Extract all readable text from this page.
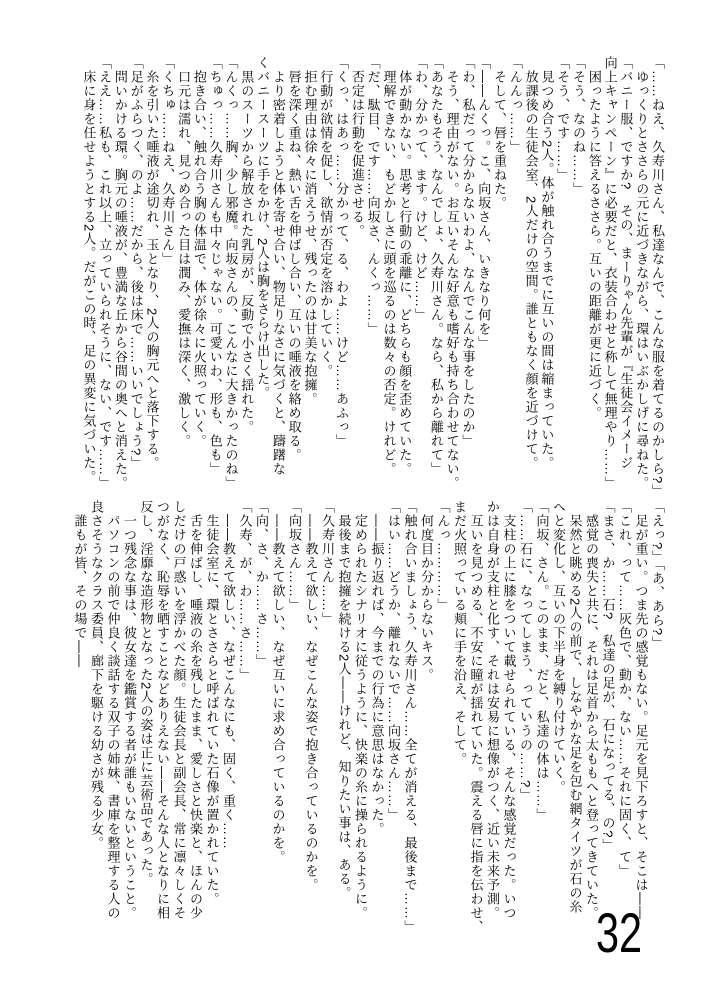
「……ねえ、久寿川さん、私達なんで、こんな服を着てるのかしら?」
ゆっくりとささらの元に近づきながら、環はいぶかしげに尋ねた。
「バニー服、ですか?　その、まーりゃん先輩が『生徒会イメージ
向上キャンペーン』に必要だと、衣装合わせと称して無理やり……」
困ったように答えるささら。互いの距離が更に近づく。
「そう、なのね……」
「そう、です……」
見つめ合う2人。体が触れ合うまでに互いの間は縮まっていた。
放課後の生徒会室、2人だけの空間。誰ともなく顔を近づけて。
「んんっ……」
そして、唇を重ねた。
「――んくっ。こ、向坂さん、いきなり何を」
「わ、私だって分からないわよ、なんでこんな事をしたのか」
そう、理由がない。お互いそんな好意も嗜好も持ち合わせてない。
「あなたもそう、なんでしょ、久寿川さん。なら、私から離れて」
「わ、分かって、ます。けど、けど……」
体が動かない。思考と行動の乖離に、どちらも顔を歪めていた。
理解できない、もどかしさに頭を巡るのは数々の否定。けれど。
「だ、駄目、です……向坂さ、んくっ……」
否定は行動を促進させる。
「くっ、はあっ……分かって、る、わよ……けど……あふっ」
行動が欲情を促し、欲情が否定を溶かしていく。
拒む理由は徐々に消えうせ、残ったのは甘美な抱擁。
唇を深く重ね、熱い舌を伸ばし合い、互いの唾液を絡め取る。
より密着しようと体を寄せ合い、物足りなさに気づくと、躊躇な
くバニースーツに手をかけ、2人は胸をさらけ出した。
黒のスーツから解放された乳房が、反動で小さく揺れた。
「んくっ……胸、少し邪魔。向坂さんの、こんなに大きかったのね」
「ちゅっ……久寿川さんも中々じゃない。可愛いわ、形も、色も」
抱き合い、触れ合う胸の体温で、体が徐々に火照っていく。
口元は濡れ、見つめ合った目は潤み、愛撫は深く、激しく。
「くちゅ……ねえ、久寿川さん」
糸を引いた唾液が途切れ、玉となり、2人の胸元へと落下する。
「足がふらつく、のよ……だから、後は床で……いいでしょう?」
問いかける環。胸元の唾液が、豊満な丘から谷間の奥へと消えた。
「ええ……私も、これ以上、立っていられそうに、ない、です……」
床に身を任せようとする2人。だがこの時、足の異変に気づいた。
「えっ?」「あ、あら?」
足が重い。つま先の感覚もない。足元を見下ろすと、そこは――
「これ、って……灰色で、動か、ない……それに固く、て」
「まさ、か……石?　私達の足が、石になってる、の?」
感覚の喪失と共に、それは足首から太ももへと登ってきていた。
呆然と眺める2人の前で、しなやかな足を包む網タイツが石の糸
へと変化し、互いの下半身を縛り付けていく。
「向坂、さん。このまま、だと、私達の体は……」
「……石に、なってしまう、っていうの……?」
支柱の上に膝をついて載せられている、そんな感覚だった。いつ
かは自身が支柱と化す、それは安易に想像がつく、近い未来予測。
互いを見つめる、不安に瞳が揺れていた。震える唇に指を伝わせ、
まだ火照っている頬に手を沿え、そして。
「んっ…………」
何度目か分からないキス。
「触れ合いましょう、久寿川さん……全てが消える、最後まで……」
「はい……どうか、離れないで……向坂さん……」
――振り返れば、今までの行為に意思はなかった。
定められたシナリオに従うように、快楽の糸に操られるように。
最後まで抱擁を続ける2人――けれど、知りたい事は、ある。
「久寿川さん……」
――教えて欲しい、なぜこんな姿で抱き合っているのかを。
「向坂さん……」
――教えて欲しい、なぜ互いに求め合っているのかを。
「向、さ、か……さ……」
「久寿、が、わ……さ……」
――教えて欲しい、なぜこんなにも、固く、重く……
生徒会室に、環とささらと呼ばれていた石像が置かれていた。
舌を伸ばし、唾液の糸を残したまま、愛しさと快楽と、ほんの少
しだけの戸惑いを浮かべた顔。生徒会長と副会長、常に凛々しくそ
つがなく、恥辱を晒すことなどありえない――そんな人となりに相
反し、淫靡な造形物となった2人の姿は正に芸術品であった。
一つ残念な事は、彼女達を鑑賞する者が誰もいないということ。
パソコンの前で仲良く談話する双子の姉妹、書庫を整理する人の
良さそうなクラス委員、廊下を駆ける幼さが残る少女。
誰もが皆、その場で――
32
